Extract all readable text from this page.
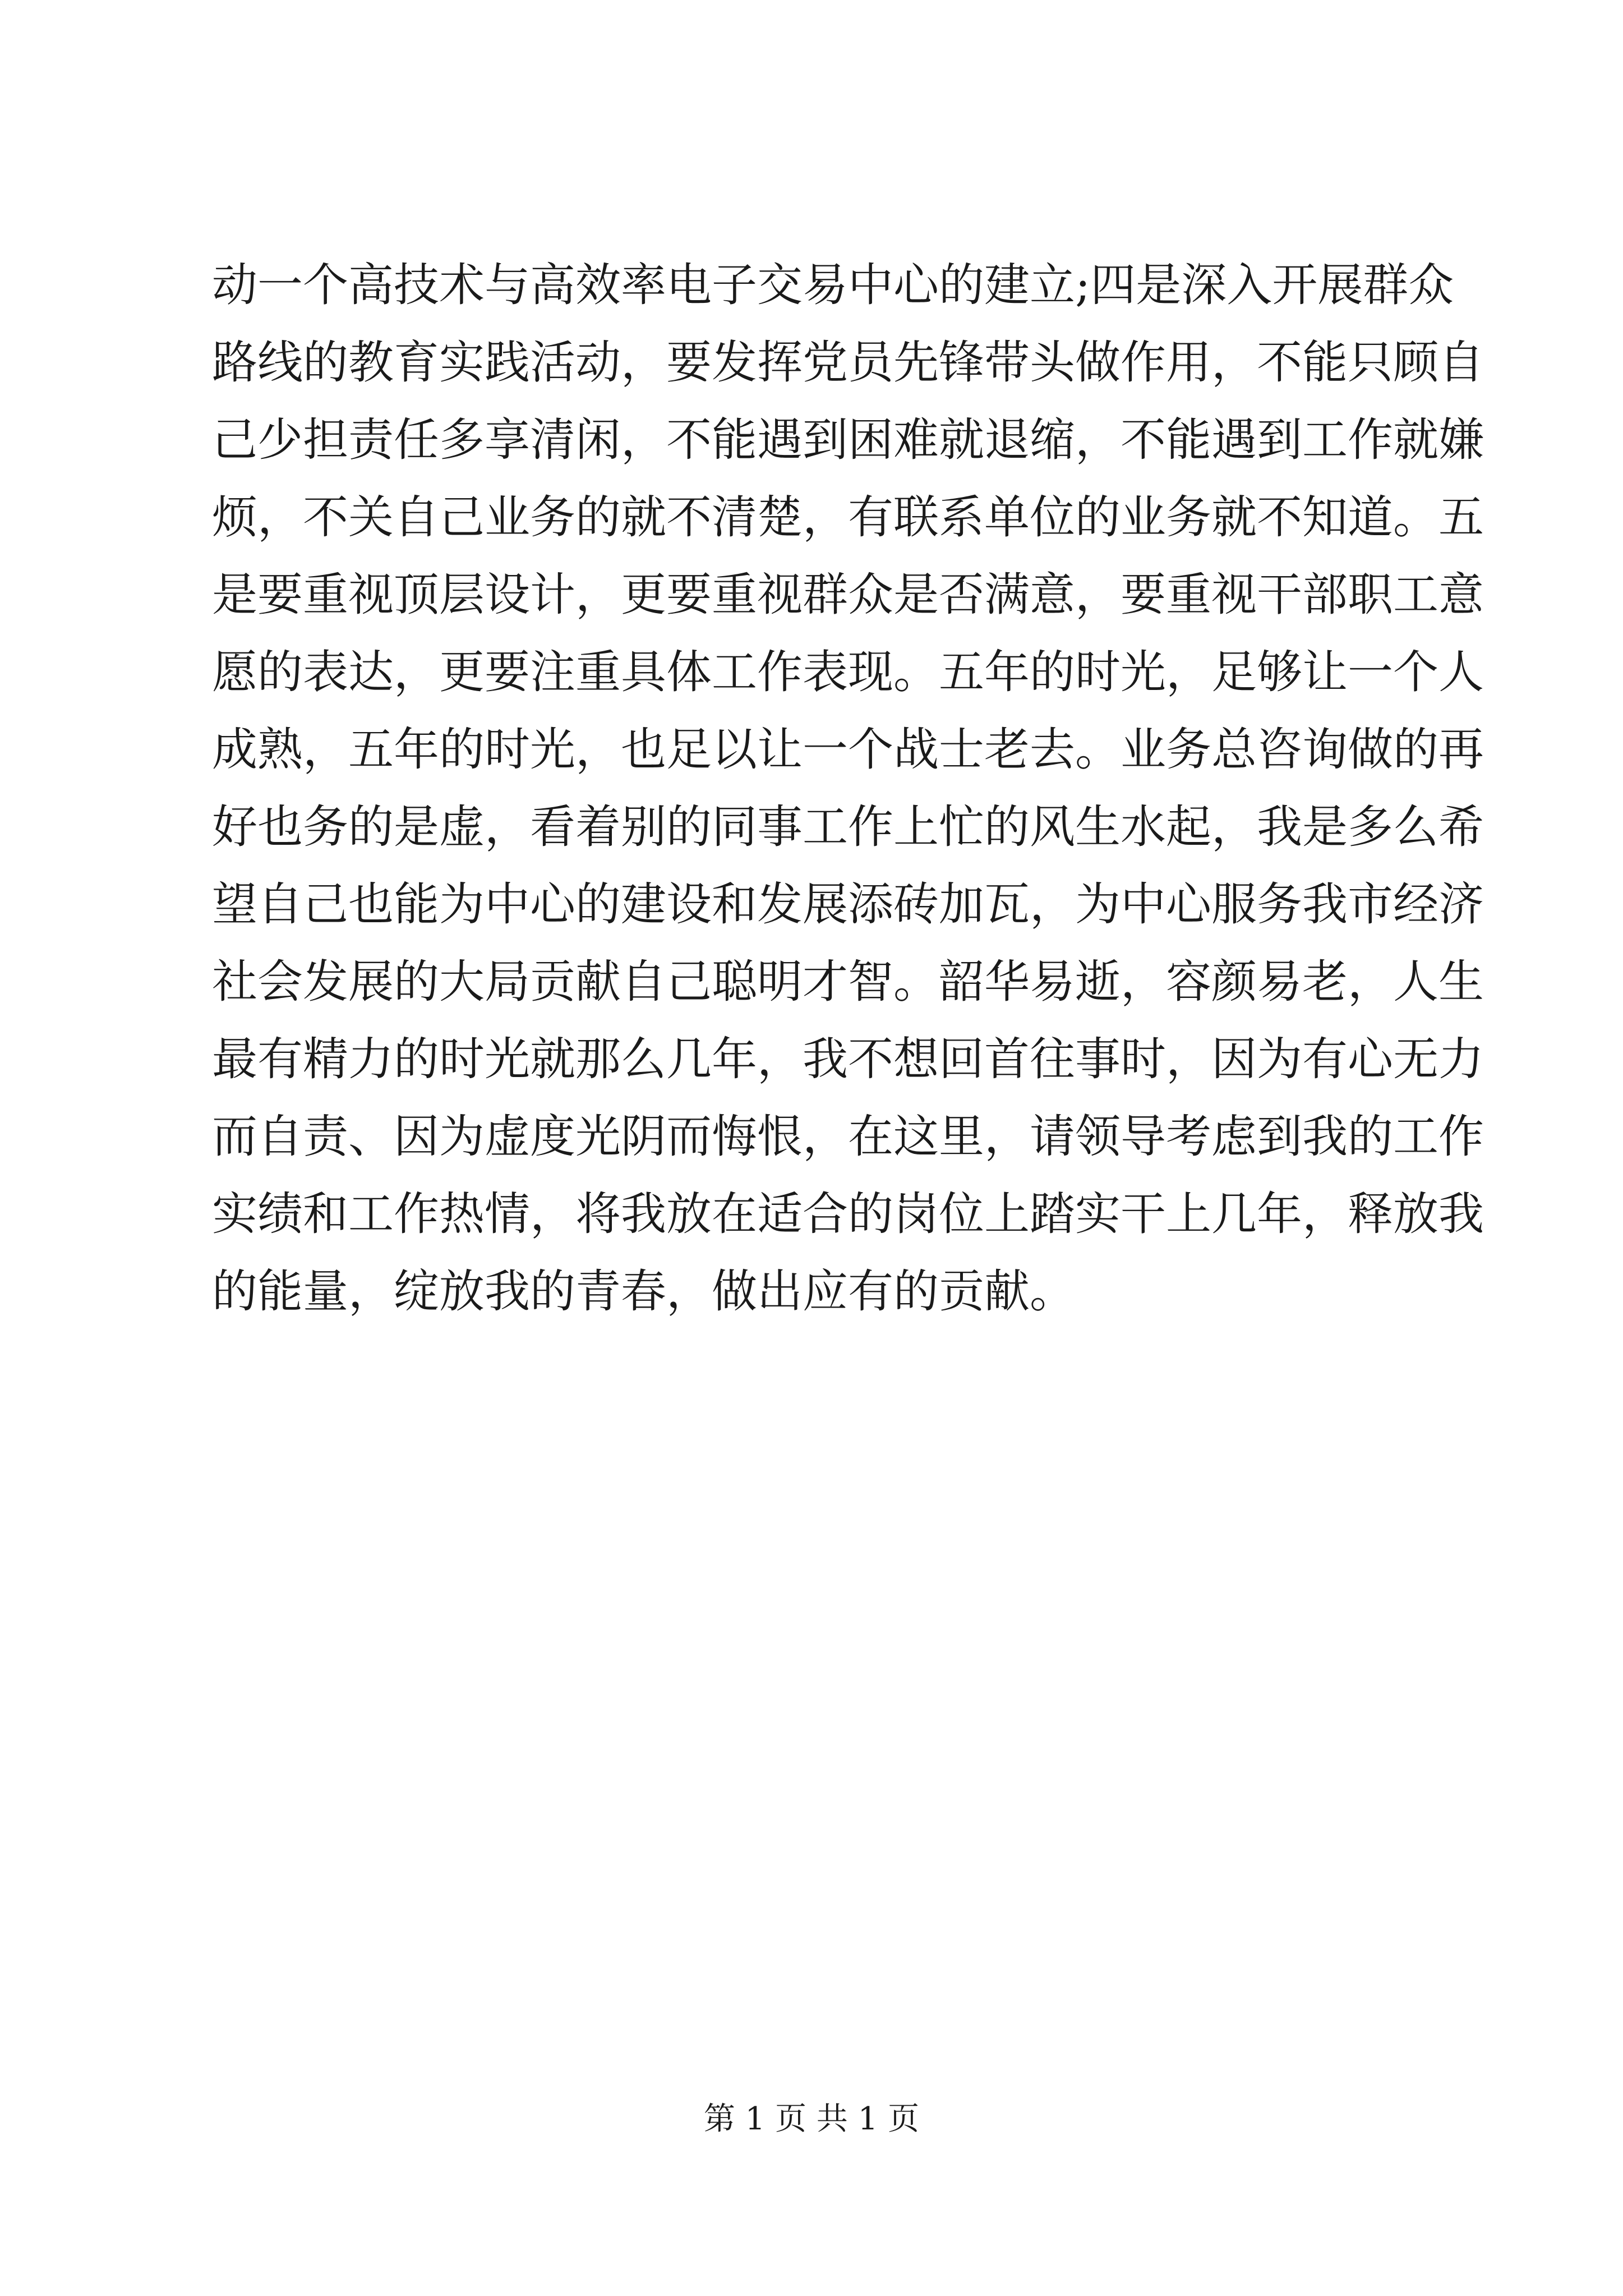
动一个高技术与高效率电子交易中心的建立;四是深入开展群众
路线的教育实践活动，要发挥党员先锋带头做作用，不能只顾自
己少担责任多享清闲，不能遇到困难就退缩，不能遇到工作就嫌
烦，不关自己业务的就不清楚，有联系单位的业务就不知道。五
是要重视顶层设计，更要重视群众是否满意，要重视干部职工意
愿的表达，更要注重具体工作表现。五年的时光，足够让一个人
成熟，五年的时光，也足以让一个战士老去。业务总咨询做的再
好也务的是虚，看着别的同事工作上忙的风生水起，我是多么希
望自己也能为中心的建设和发展添砖加瓦，为中心服务我市经济
社会发展的大局贡献自己聪明才智。韶华易逝，容颜易老，人生
最有精力的时光就那么几年，我不想回首往事时，因为有心无力
而自责、因为虚度光阴而悔恨，在这里，请领导考虑到我的工作
实绩和工作热情，将我放在适合的岗位上踏实干上几年，释放我
的能量，绽放我的青春，做出应有的贡献。
第 1 页 共 1 页
